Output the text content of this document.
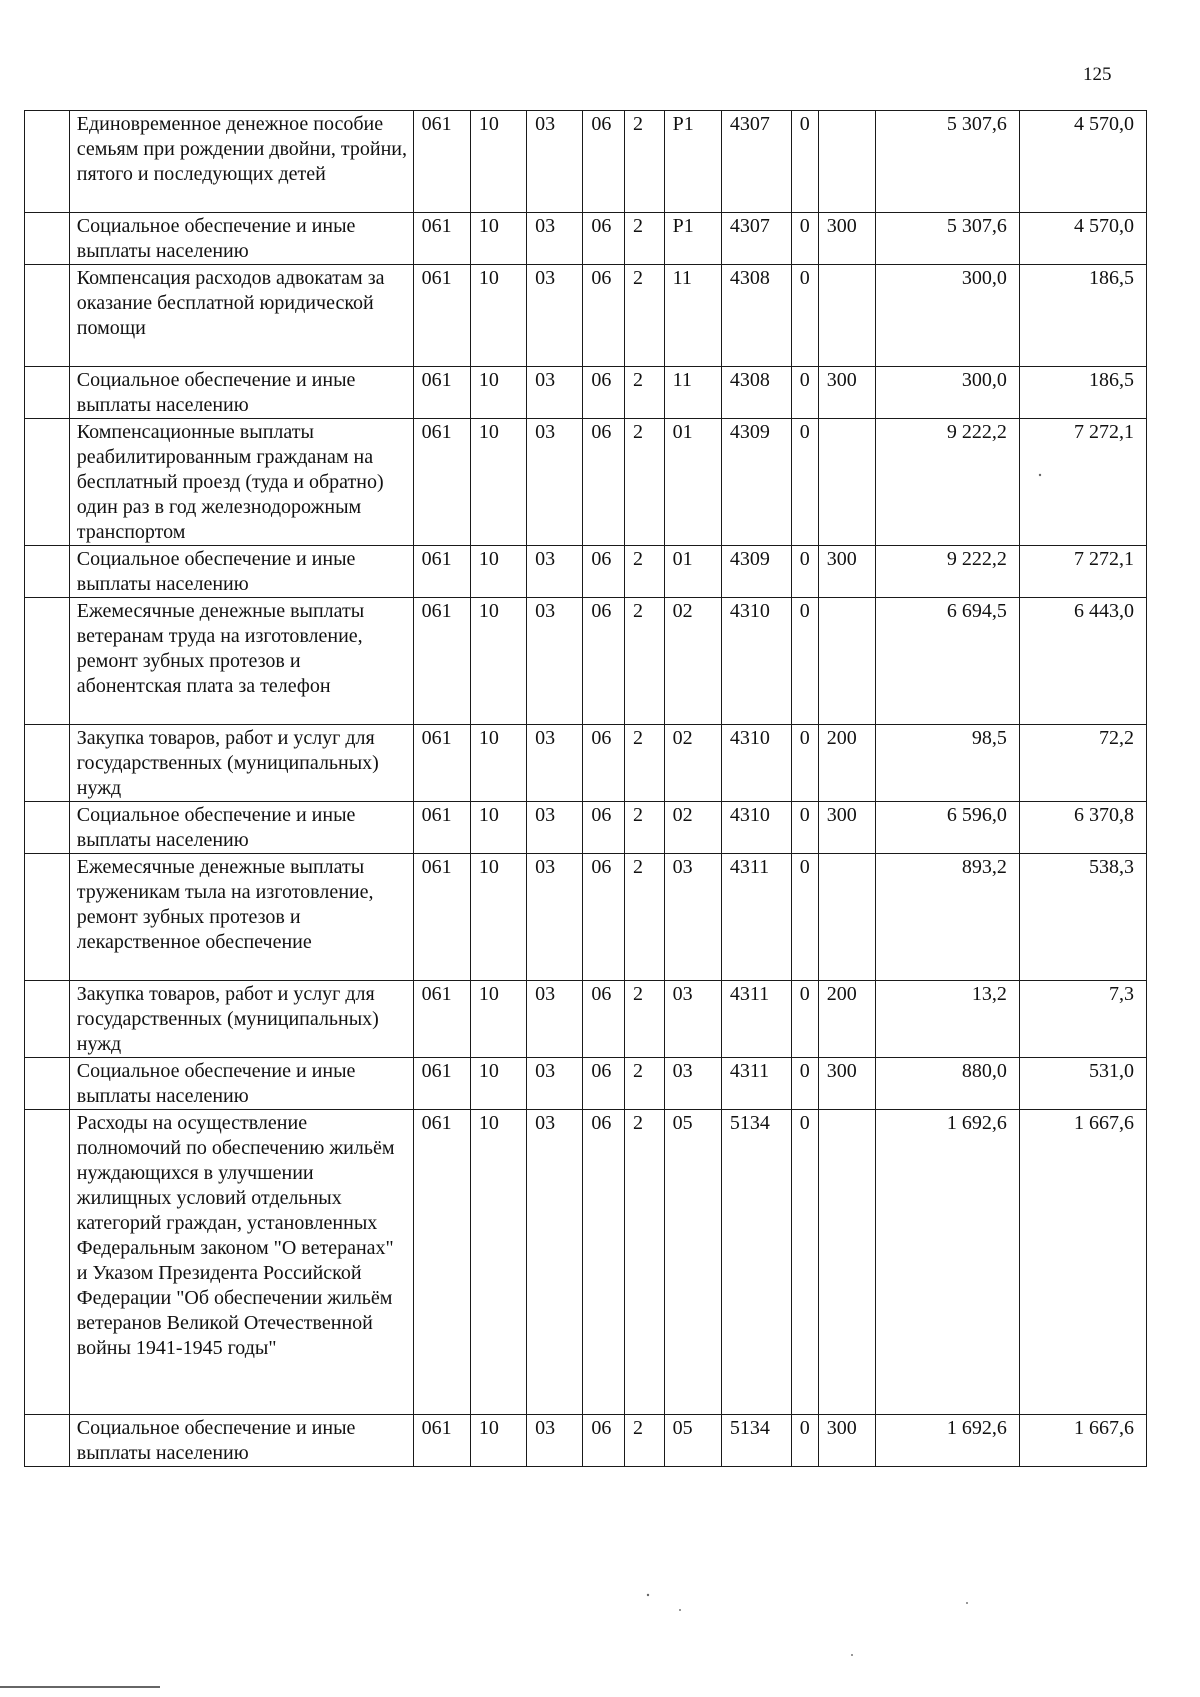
125
	Единовременное денежное пособие семьям при рождении двойни, тройни, пятого и последующих детей	061	10	03	06	2	P1	4307	0		5 307,6	4 570,0
	Социальное обеспечение и иные выплаты населению	061	10	03	06	2	P1	4307	0	300	5 307,6	4 570,0
	Компенсация расходов адвокатам за оказание бесплатной юридической помощи	061	10	03	06	2	11	4308	0		300,0	186,5
	Социальное обеспечение и иные выплаты населению	061	10	03	06	2	11	4308	0	300	300,0	186,5
	Компенсационные выплаты реабилитированным гражданам на бесплатный проезд (туда и обратно) один раз в год железнодорожным транспортом	061	10	03	06	2	01	4309	0		9 222,2	7 272,1
	Социальное обеспечение и иные выплаты населению	061	10	03	06	2	01	4309	0	300	9 222,2	7 272,1
	Ежемесячные денежные выплаты ветеранам труда на изготовление, ремонт зубных протезов и абонентская плата за телефон	061	10	03	06	2	02	4310	0		6 694,5	6 443,0
	Закупка товаров, работ и услуг для государственных (муниципальных) нужд	061	10	03	06	2	02	4310	0	200	98,5	72,2
	Социальное обеспечение и иные выплаты населению	061	10	03	06	2	02	4310	0	300	6 596,0	6 370,8
	Ежемесячные денежные выплаты труженикам тыла на изготовление, ремонт зубных протезов и лекарственное обеспечение	061	10	03	06	2	03	4311	0		893,2	538,3
	Закупка товаров, работ и услуг для государственных (муниципальных) нужд	061	10	03	06	2	03	4311	0	200	13,2	7,3
	Социальное обеспечение и иные выплаты населению	061	10	03	06	2	03	4311	0	300	880,0	531,0
	Расходы на осуществление полномочий по обеспечению жильём нуждающихся в улучшении жилищных условий отдельных категорий граждан, установленных Федеральным законом "О ветеранах" и Указом Президента Российской Федерации "Об обеспечении жильём ветеранов Великой Отечественной войны 1941-1945 годы"	061	10	03	06	2	05	5134	0		1 692,6	1 667,6
	Социальное обеспечение и иные выплаты населению	061	10	03	06	2	05	5134	0	300	1 692,6	1 667,6
